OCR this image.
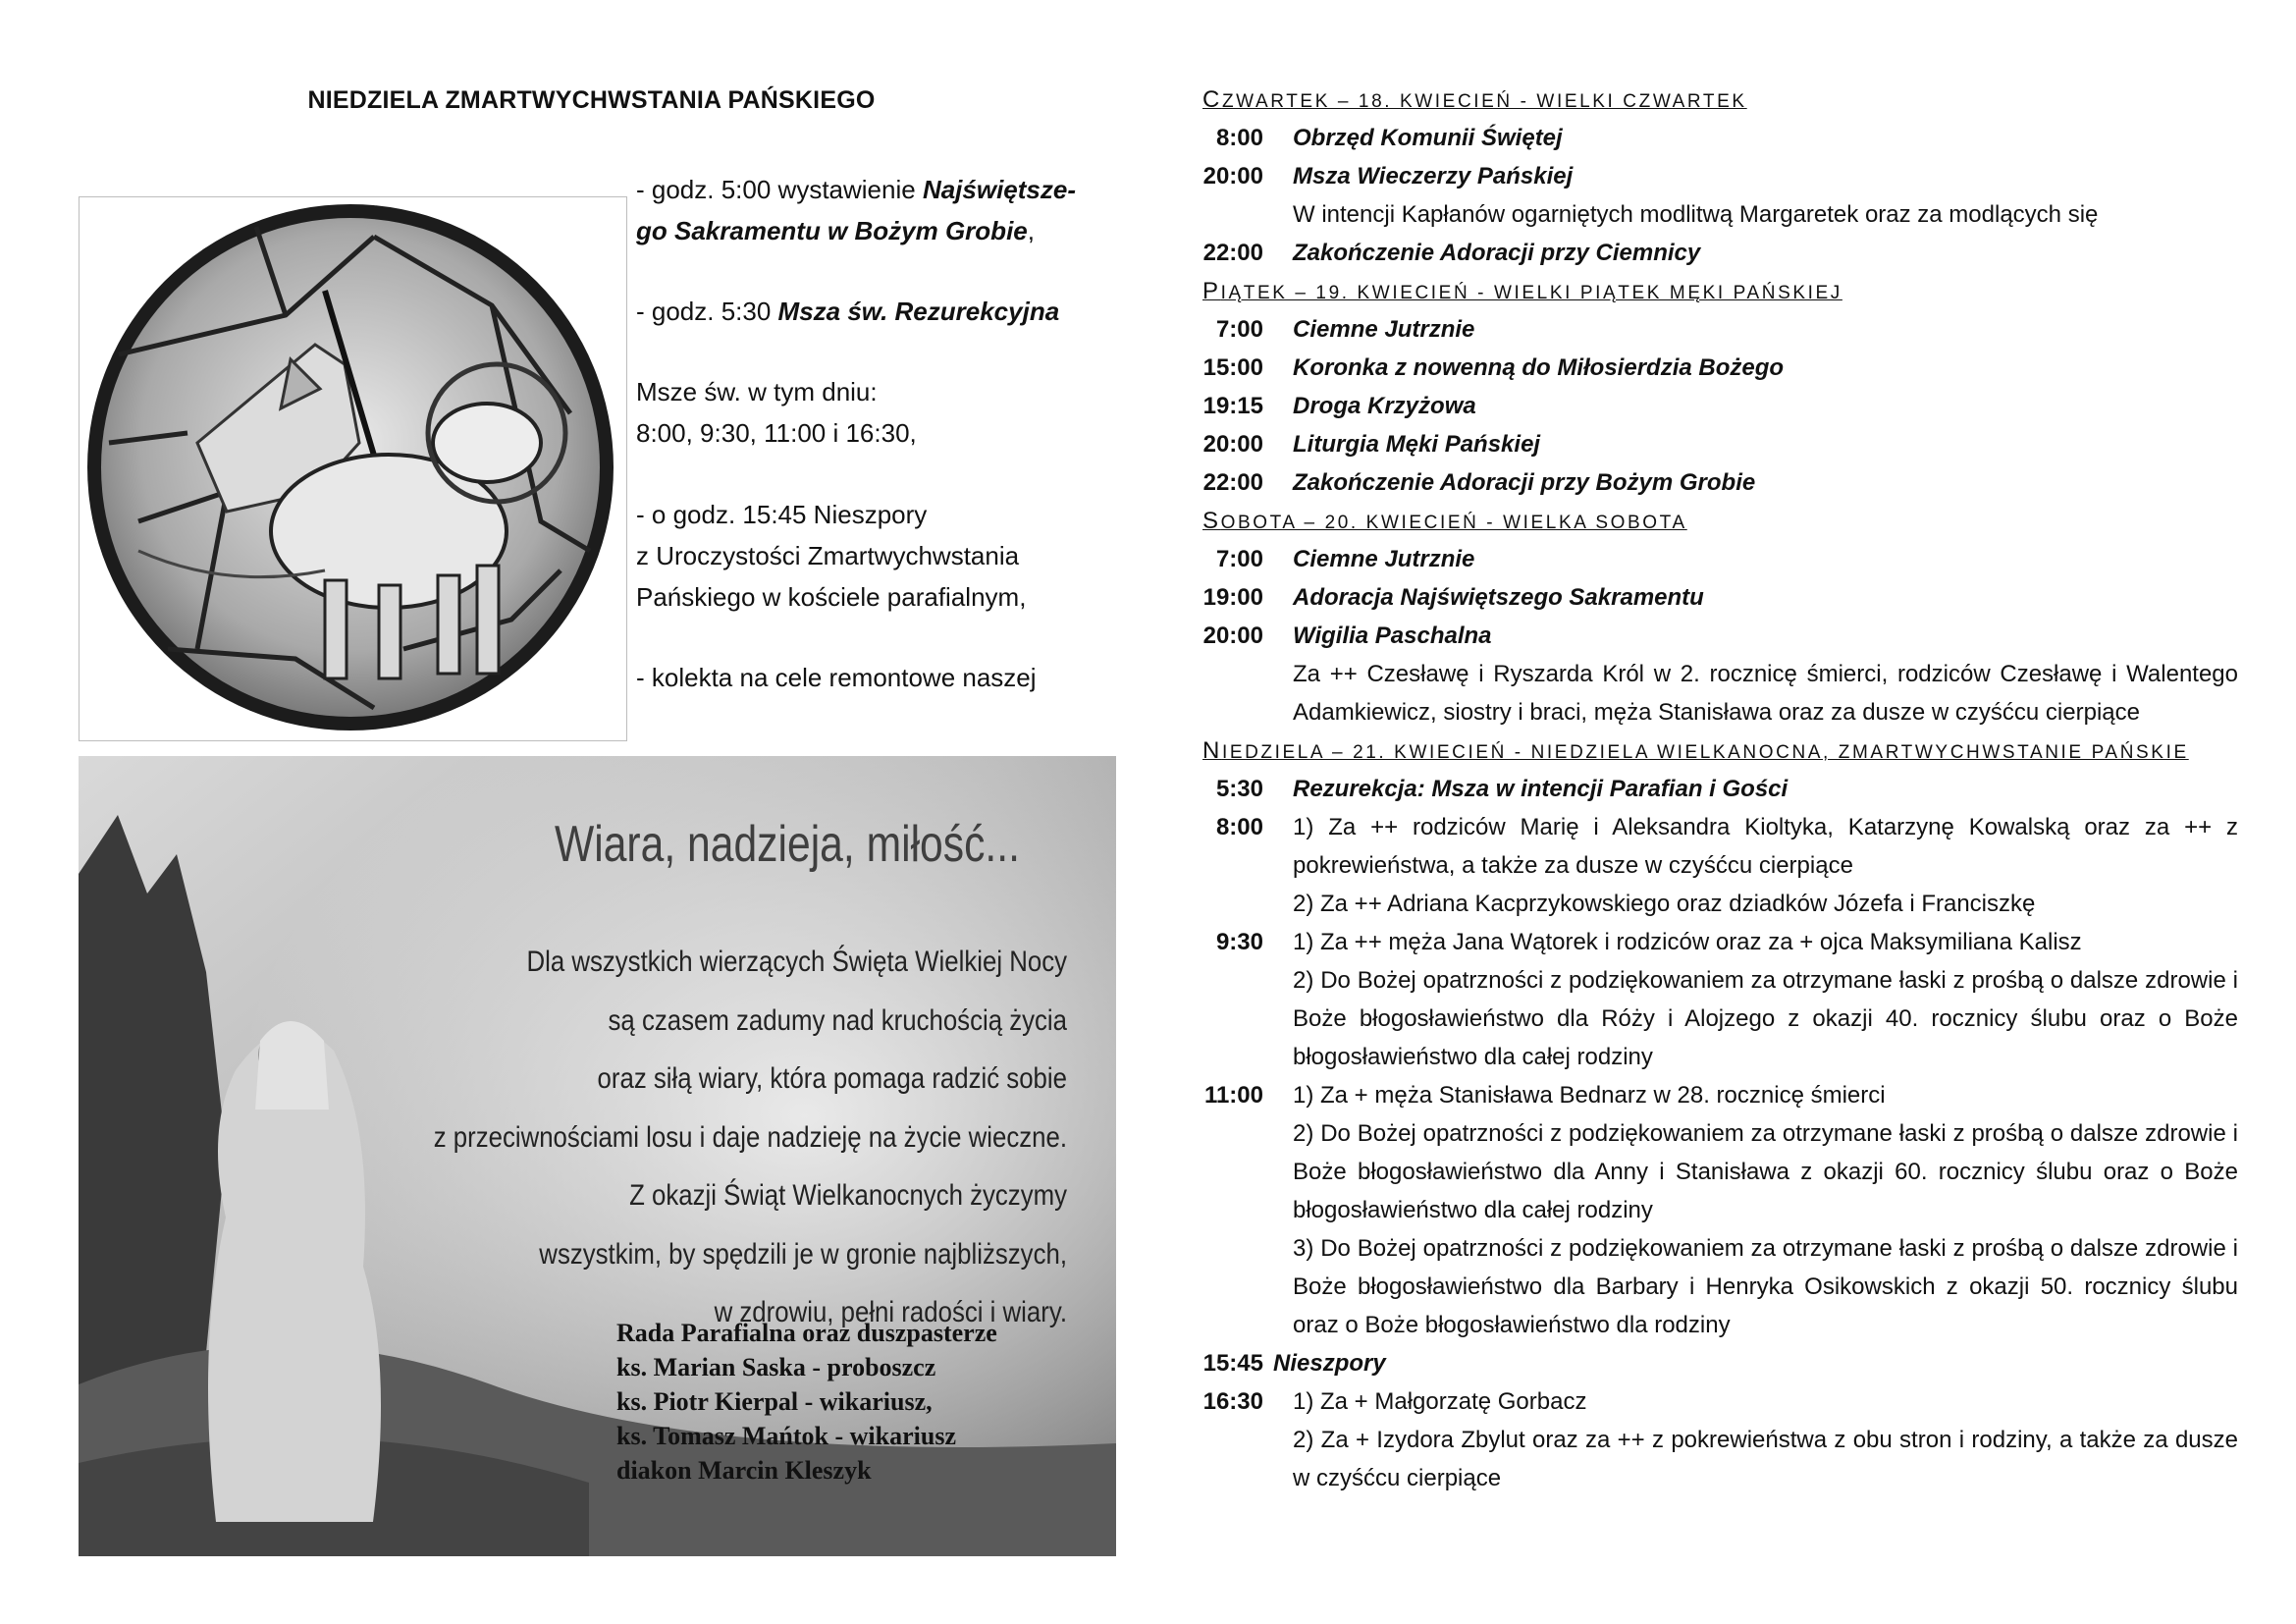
NIEDZIELA ZMARTWYCHWSTANIA PAŃSKIEGO

- godz. 5:00 wystawienie Najświętsze-
go Sakramentu w Bożym Grobie,

- godz. 5:30 Msza św. Rezurekcyjna

Msze św. w tym dniu:
8:00, 9:30, 11:00 i 16:30,

- o godz. 15:45 Nieszpory
z Uroczystości Zmartwychwstania
Pańskiego w kościele parafialnym,

- kolekta na cele remontowe naszej

Wiara, nadzieja, miłość...
Dla wszystkich wierzących Święta Wielkiej Nocy
są czasem zadumy nad kruchością życia
oraz siłą wiary, która pomaga radzić sobie
z przeciwnościami losu i daje nadzieję na życie wieczne.
Z okazji Świąt Wielkanocnych życzymy
wszystkim, by spędzili je w gronie najbliższych,
w zdrowiu, pełni radości i wiary.
Rada Parafialna oraz duszpasterze
ks. Marian Saska - proboszcz
ks. Piotr Kierpal - wikariusz,
ks. Tomasz Mańtok - wikariusz
diakon Marcin Kleszyk
CZWARTEK – 18. KWIECIEŃ - WIELKI CZWARTEK
8:00 Obrzęd Komunii Świętej
20:00 Msza Wieczerzy Pańskiej
W intencji Kapłanów ogarniętych modlitwą Margaretek oraz za modlących się
22:00 Zakończenie Adoracji przy Ciemnicy
PIĄTEK – 19. KWIECIEŃ - WIELKI PIĄTEK MĘKI PAŃSKIEJ
7:00 Ciemne Jutrznie
15:00 Koronka z nowenną do Miłosierdzia Bożego
19:15 Droga Krzyżowa
20:00 Liturgia Męki Pańskiej
22:00 Zakończenie Adoracji przy Bożym Grobie
SOBOTA – 20. KWIECIEŃ - WIELKA SOBOTA
7:00 Ciemne Jutrznie
19:00 Adoracja Najświętszego Sakramentu
20:00 Wigilia Paschalna
Za ++ Czesławę i Ryszarda Król w 2. rocznicę śmierci, rodziców Czesławę i Walentego Adamkiewicz, siostry i braci, męża Stanisława oraz za dusze w czyśćcu cierpiące
NIEDZIELA – 21. KWIECIEŃ - NIEDZIELA WIELKANOCNA, ZMARTWYCHWSTANIE PAŃSKIE
5:30 Rezurekcja: Msza w intencji Parafian i Gości
8:00 1) Za ++ rodziców Marię i Aleksandra Kioltyka, Katarzynę Kowalską oraz za ++ z pokrewieństwa, a także za dusze w czyśćcu cierpiące
2) Za ++ Adriana Kacprzykowskiego oraz dziadków Józefa i Franciszkę
9:30 1) Za ++ męża Jana Wątorek i rodziców oraz za + ojca Maksymiliana Kalisz
2) Do Bożej opatrzności z podziękowaniem za otrzymane łaski z prośbą o dalsze zdrowie i Boże błogosławieństwo dla Róży i Alojzego z okazji 40. rocznicy ślubu oraz o Boże błogosławieństwo dla całej rodziny
11:00 1) Za + męża Stanisława Bednarz w 28. rocznicę śmierci
2) Do Bożej opatrzności z podziękowaniem za otrzymane łaski z prośbą o dalsze zdrowie i Boże błogosławieństwo dla Anny i Stanisława z okazji 60. rocznicy ślubu oraz o Boże błogosławieństwo dla całej rodziny
3) Do Bożej opatrzności z podziękowaniem za otrzymane łaski z prośbą o dalsze zdrowie i Boże błogosławieństwo dla Barbary i Henryka Osikowskich z okazji 50. rocznicy ślubu oraz o Boże błogosławieństwo dla rodziny
15:45 Nieszpory
16:30 1) Za + Małgorzatę Gorbacz
2) Za + Izydora Zbylut oraz za ++ z pokrewieństwa z obu stron i rodziny, a także za dusze w czyśćcu cierpiące
